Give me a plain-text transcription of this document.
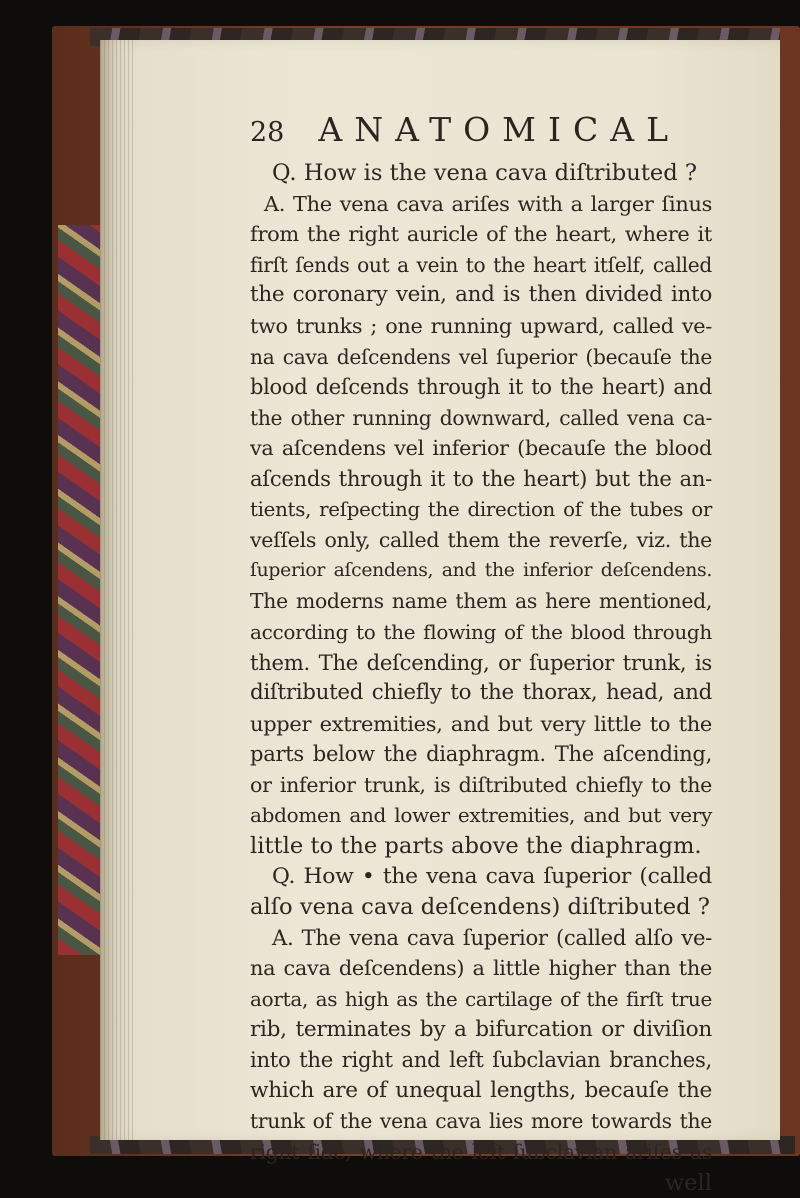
28 ANATOMICAL
Q. How is the vena cava diſtributed ?
A. The vena cava ariſes with a larger ſinus
from the right auricle of the heart, where it
firſt ſends out a vein to the heart itſelf, called
the coronary vein, and is then divided into
two trunks ; one running upward, called ve-
na cava deſcendens vel ſuperior (becauſe the
blood deſcends through it to the heart) and
the other running downward, called vena ca-
va aſcendens vel inferior (becauſe the blood
aſcends through it to the heart) but the an-
tients, reſpecting the direction of the tubes or
veſſels only, called them the reverſe, viz. the
ſuperior aſcendens, and the inferior deſcendens.
The moderns name them as here mentioned,
according to the flowing of the blood through
them. The deſcending, or ſuperior trunk, is
diſtributed chiefly to the thorax, head, and
upper extremities, and but very little to the
parts below the diaphragm. The aſcending,
or inferior trunk, is diſtributed chiefly to the
abdomen and lower extremities, and but very
little to the parts above the diaphragm.
Q. How • the vena cava ſuperior (called
alſo vena cava deſcendens) diſtributed ?
A. The vena cava ſuperior (called alſo ve-
na cava deſcendens) a little higher than the
aorta, as high as the cartilage of the firſt true
rib, terminates by a bifurcation or diviſion
into the right and left ſubclavian branches,
which are of unequal lengths, becauſe the
trunk of the vena cava lies more towards the
right ſide, where the left ſubclavian ariſes as
well
